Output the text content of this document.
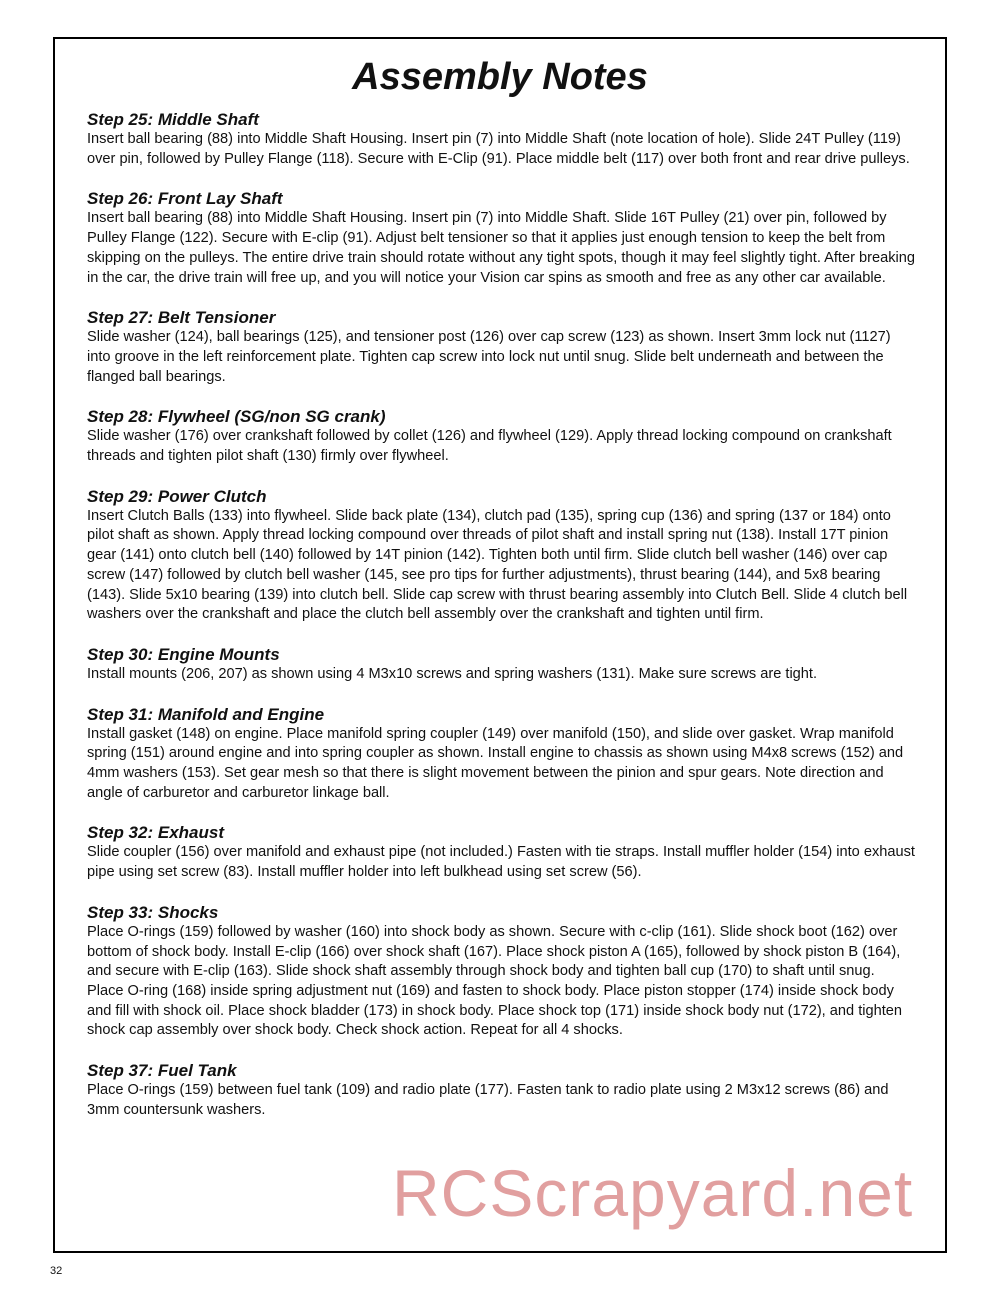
Assembly Notes

Step 25: Middle Shaft

Insert ball bearing (88) into Middle Shaft Housing. Insert pin (7) into Middle Shaft (note location of hole). Slide 24T Pulley (119) over pin, followed by Pulley Flange (118). Secure with E-Clip (91). Place middle belt (117) over both front and rear drive pulleys.

Step 26: Front Lay Shaft

Insert ball bearing (88) into Middle Shaft Housing. Insert pin (7) into Middle Shaft. Slide 16T Pulley (21) over pin, followed by Pulley Flange (122). Secure with E-clip (91). Adjust belt tensioner so that it applies just enough tension to keep the belt from skipping on the pulleys. The entire drive train should rotate without any tight spots, though it may feel slightly tight. After breaking in the car, the drive train will free up, and you will notice your Vision car spins as smooth and free as any other car available.

Step 27: Belt Tensioner

Slide washer (124), ball bearings (125), and tensioner post (126) over cap screw (123) as shown. Insert 3mm lock nut (1127) into groove in the left reinforcement plate. Tighten cap screw into lock nut until snug. Slide belt underneath and between the flanged ball bearings.

Step 28: Flywheel (SG/non SG crank)

Slide washer (176) over crankshaft followed by collet (126) and flywheel (129). Apply thread locking compound on crankshaft threads and tighten pilot shaft (130) firmly over flywheel.

Step 29: Power Clutch

Insert Clutch Balls (133) into flywheel. Slide back plate (134), clutch pad (135), spring cup (136) and spring (137 or 184) onto pilot shaft as shown. Apply thread locking compound over threads of pilot shaft and install spring nut (138). Install 17T pinion gear (141) onto clutch bell (140) followed by 14T pinion (142). Tighten both until firm. Slide clutch bell washer (146) over cap screw (147) followed by clutch bell washer (145, see pro tips for further adjustments), thrust bearing (144), and 5x8 bearing (143). Slide 5x10 bearing (139) into clutch bell. Slide cap screw with thrust bearing assembly into Clutch Bell. Slide 4 clutch bell washers over the crankshaft and place the clutch bell assembly over the crankshaft and tighten until firm.

Step 30: Engine Mounts

Install mounts (206, 207) as shown using 4 M3x10 screws and spring washers (131). Make sure screws are tight.

Step 31: Manifold and Engine

Install gasket (148) on engine. Place manifold spring coupler (149) over manifold (150), and slide over gasket. Wrap manifold spring (151) around engine and into spring coupler as shown. Install engine to chassis as shown using M4x8 screws (152) and 4mm washers (153). Set gear mesh so that there is slight movement between the pinion and spur gears. Note direction and angle of carburetor and carburetor linkage ball.

Step 32: Exhaust

Slide coupler (156) over manifold and exhaust pipe (not included.) Fasten with tie straps. Install muffler holder (154) into exhaust pipe using set screw (83). Install muffler holder into left bulkhead using set screw (56).

Step 33: Shocks

Place O-rings (159) followed by washer (160) into shock body as shown. Secure with c-clip (161). Slide shock boot (162) over bottom of shock body. Install E-clip (166) over shock shaft (167). Place shock piston A (165), followed by shock piston B (164), and secure with E-clip (163). Slide shock shaft assembly through shock body and tighten ball cup (170) to shaft until snug. Place O-ring (168) inside spring adjustment nut (169) and fasten to shock body. Place piston stopper (174) inside shock body and fill with shock oil. Place shock bladder (173) in shock body. Place shock top (171) inside shock body nut (172), and tighten shock cap assembly over shock body. Check shock action. Repeat for all 4 shocks.

Step 37: Fuel Tank

Place O-rings (159) between fuel tank (109) and radio plate (177). Fasten tank to radio plate using 2 M3x12 screws (86) and 3mm countersunk washers.

RCScrapyard.net
32
